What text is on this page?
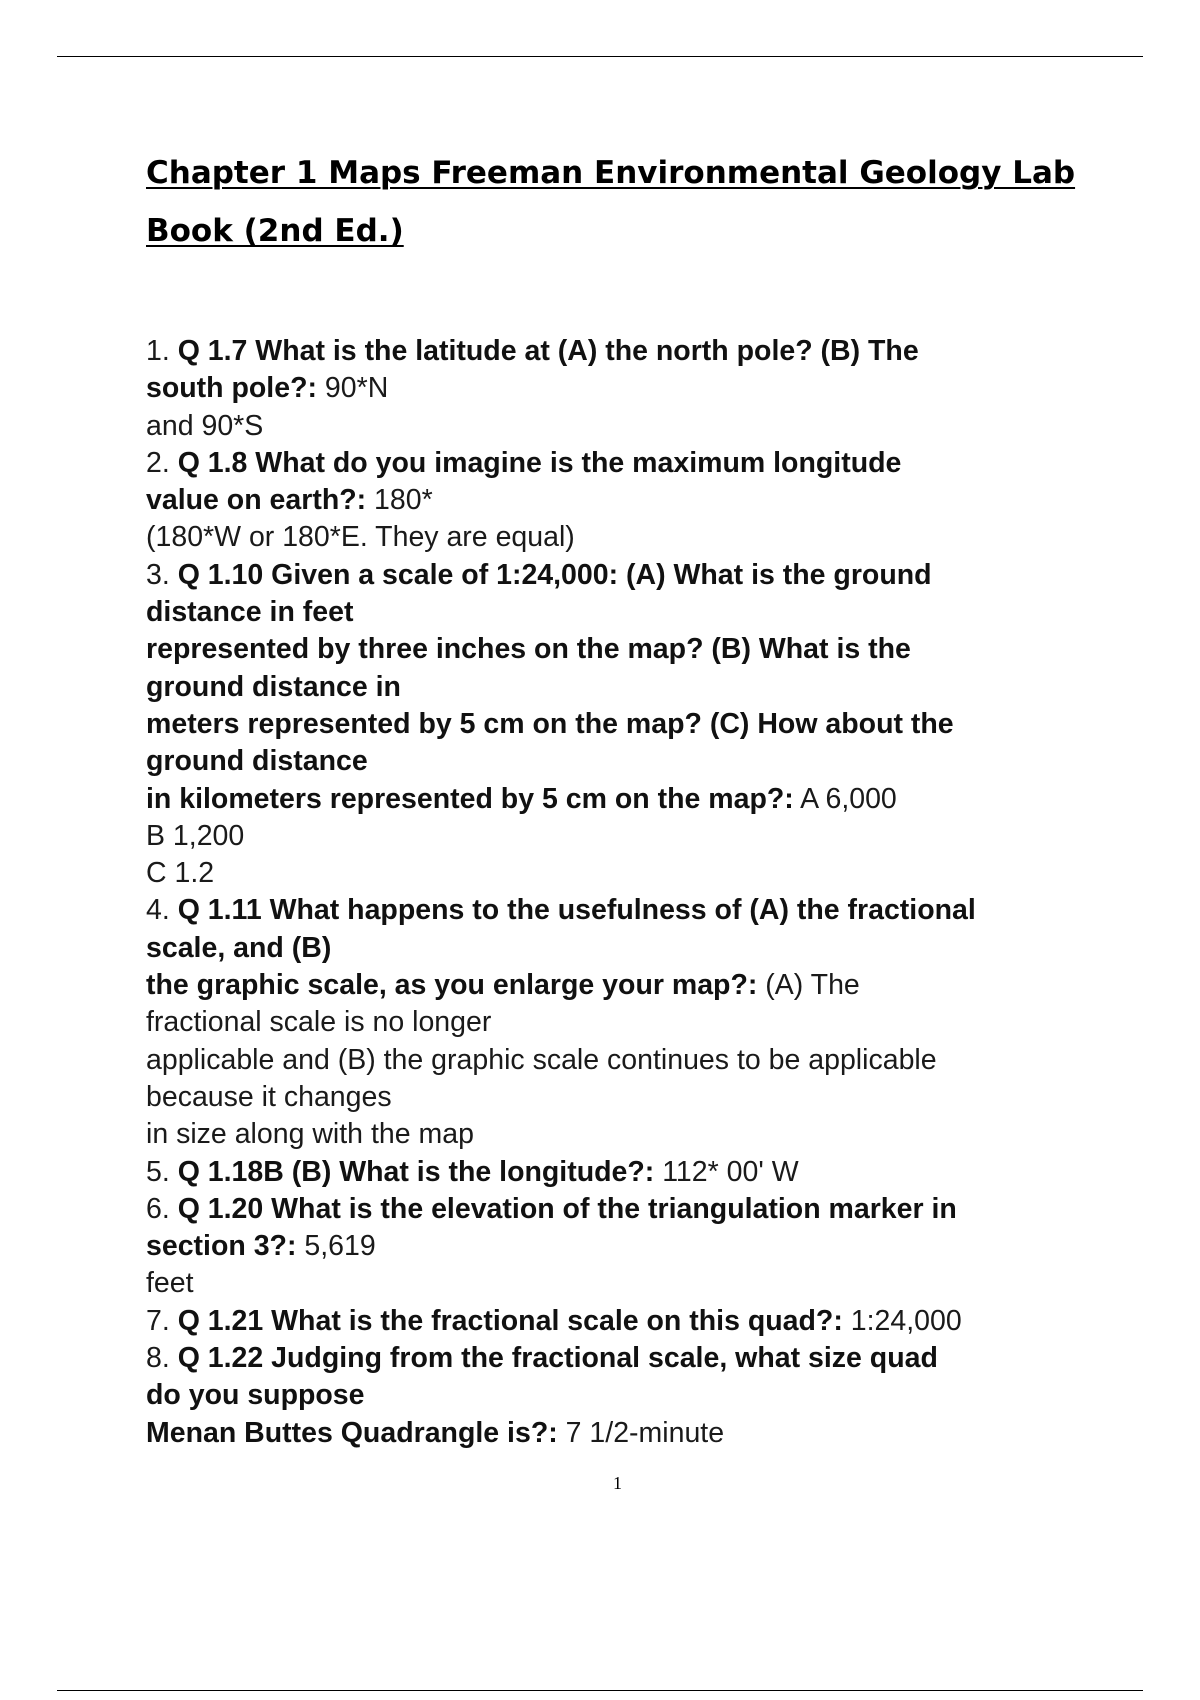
Chapter 1 Maps Freeman Environmental Geology Lab
Book (2nd Ed.)
1. Q 1.7 What is the latitude at (A) the north pole? (B) The
south pole?: 90*N
and 90*S
2. Q 1.8 What do you imagine is the maximum longitude
value on earth?: 180*
(180*W or 180*E. They are equal)
3. Q 1.10 Given a scale of 1:24,000: (A) What is the ground
distance in feet
represented by three inches on the map? (B) What is the
ground distance in
meters represented by 5 cm on the map? (C) How about the
ground distance
in kilometers represented by 5 cm on the map?: A 6,000
B 1,200
C 1.2
4. Q 1.11 What happens to the usefulness of (A) the fractional
scale, and (B)
the graphic scale, as you enlarge your map?: (A) The
fractional scale is no longer
applicable and (B) the graphic scale continues to be applicable
because it changes
in size along with the map
5. Q 1.18B (B) What is the longitude?: 112* 00' W
6. Q 1.20 What is the elevation of the triangulation marker in
section 3?: 5,619
feet
7. Q 1.21 What is the fractional scale on this quad?: 1:24,000
8. Q 1.22 Judging from the fractional scale, what size quad
do you suppose
Menan Buttes Quadrangle is?: 7 1/2-minute
1
